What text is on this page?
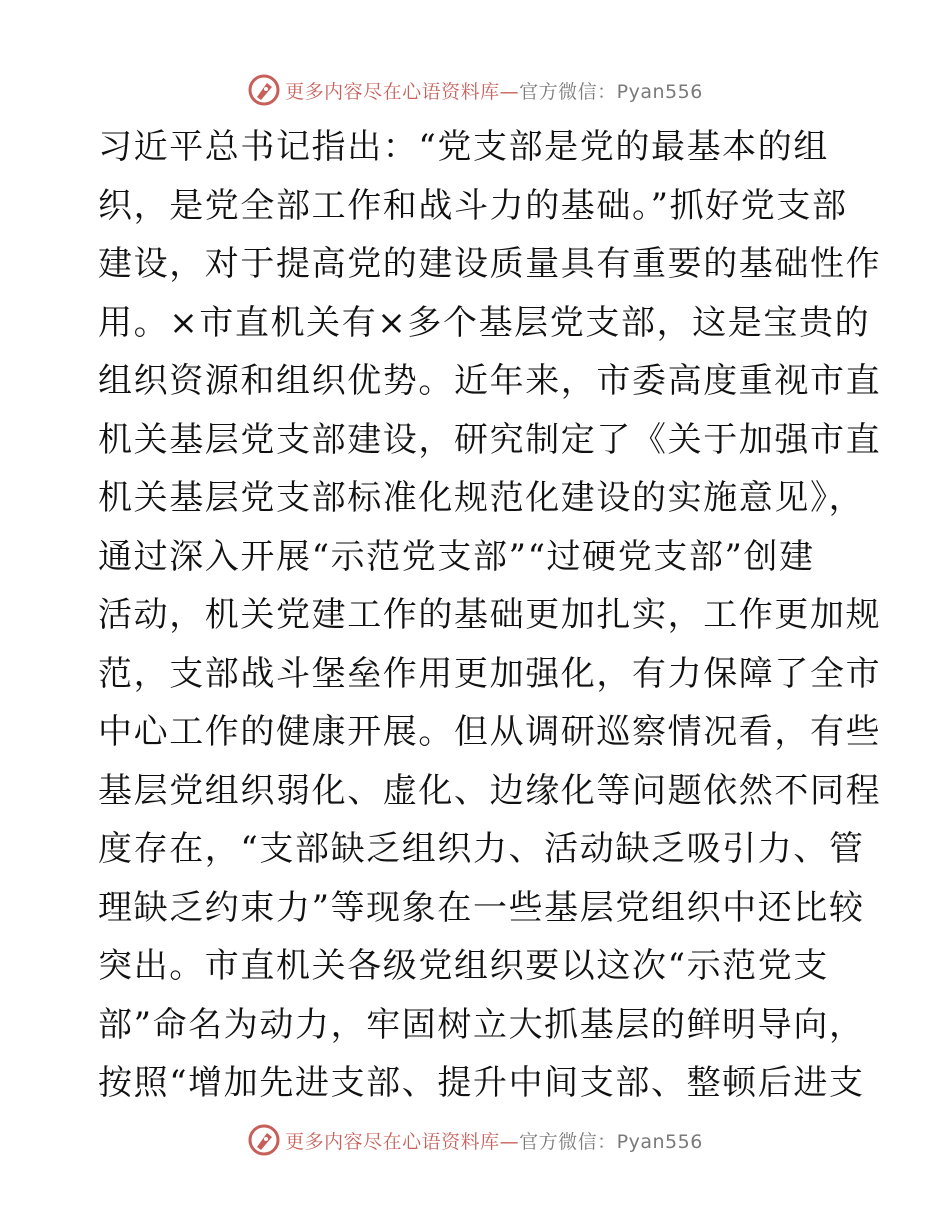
更多内容尽在心语资料库—官方微信：Pyan556
习近平总书记指出：“党支部是党的最基本的组
织，是党全部工作和战斗力的基础。”抓好党支部
建设，对于提高党的建设质量具有重要的基础性作
用。×市直机关有×多个基层党支部，这是宝贵的
组织资源和组织优势。近年来，市委高度重视市直
机关基层党支部建设，研究制定了《关于加强市直
机关基层党支部标准化规范化建设的实施意见》，
通过深入开展“示范党支部”“过硬党支部”创建
活动，机关党建工作的基础更加扎实，工作更加规
范，支部战斗堡垒作用更加强化，有力保障了全市
中心工作的健康开展。但从调研巡察情况看，有些
基层党组织弱化、虚化、边缘化等问题依然不同程
度存在，“支部缺乏组织力、活动缺乏吸引力、管
理缺乏约束力”等现象在一些基层党组织中还比较
突出。市直机关各级党组织要以这次“示范党支
部”命名为动力，牢固树立大抓基层的鲜明导向，
按照“增加先进支部、提升中间支部、整顿后进支
更多内容尽在心语资料库—官方微信：Pyan556
